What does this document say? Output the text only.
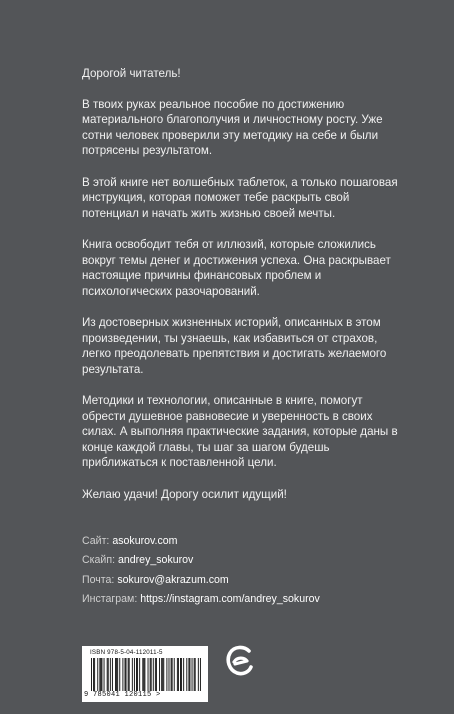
Дорогой читатель!

В твоих руках реальное пособие по достижению материального благополучия и личностному росту. Уже сотни человек проверили эту методику на себе и были потрясены результатом.

В этой книге нет волшебных таблеток, а только пошаговая инструкция, которая поможет тебе раскрыть свой потенциал и начать жить жизнью своей мечты.

Книга освободит тебя от иллюзий, которые сложились вокруг темы денег и достижения успеха. Она раскрывает настоящие причины финансовых проблем и психологических разочарований.

Из достоверных жизненных историй, описанных в этом произведении, ты узнаешь, как избавиться от страхов, легко преодолевать препятствия и достигать желаемого результата.

Методики и технологии, описанные в книге, помогут обрести душевное равновесие и уверенность в своих силах. А выполняя практические задания, которые даны в конце каждой главы, ты шаг за шагом будешь приближаться к поставленной цели.

Желаю удачи! Дорогу осилит идущий!

Сайт: asokurov.com
Скайп: andrey_sokurov
Почта: sokurov@akrazum.com
Инстаграм: https://instagram.com/andrey_sokurov
ISBN 978-5-04-112011-5
9 785041 120115 >
